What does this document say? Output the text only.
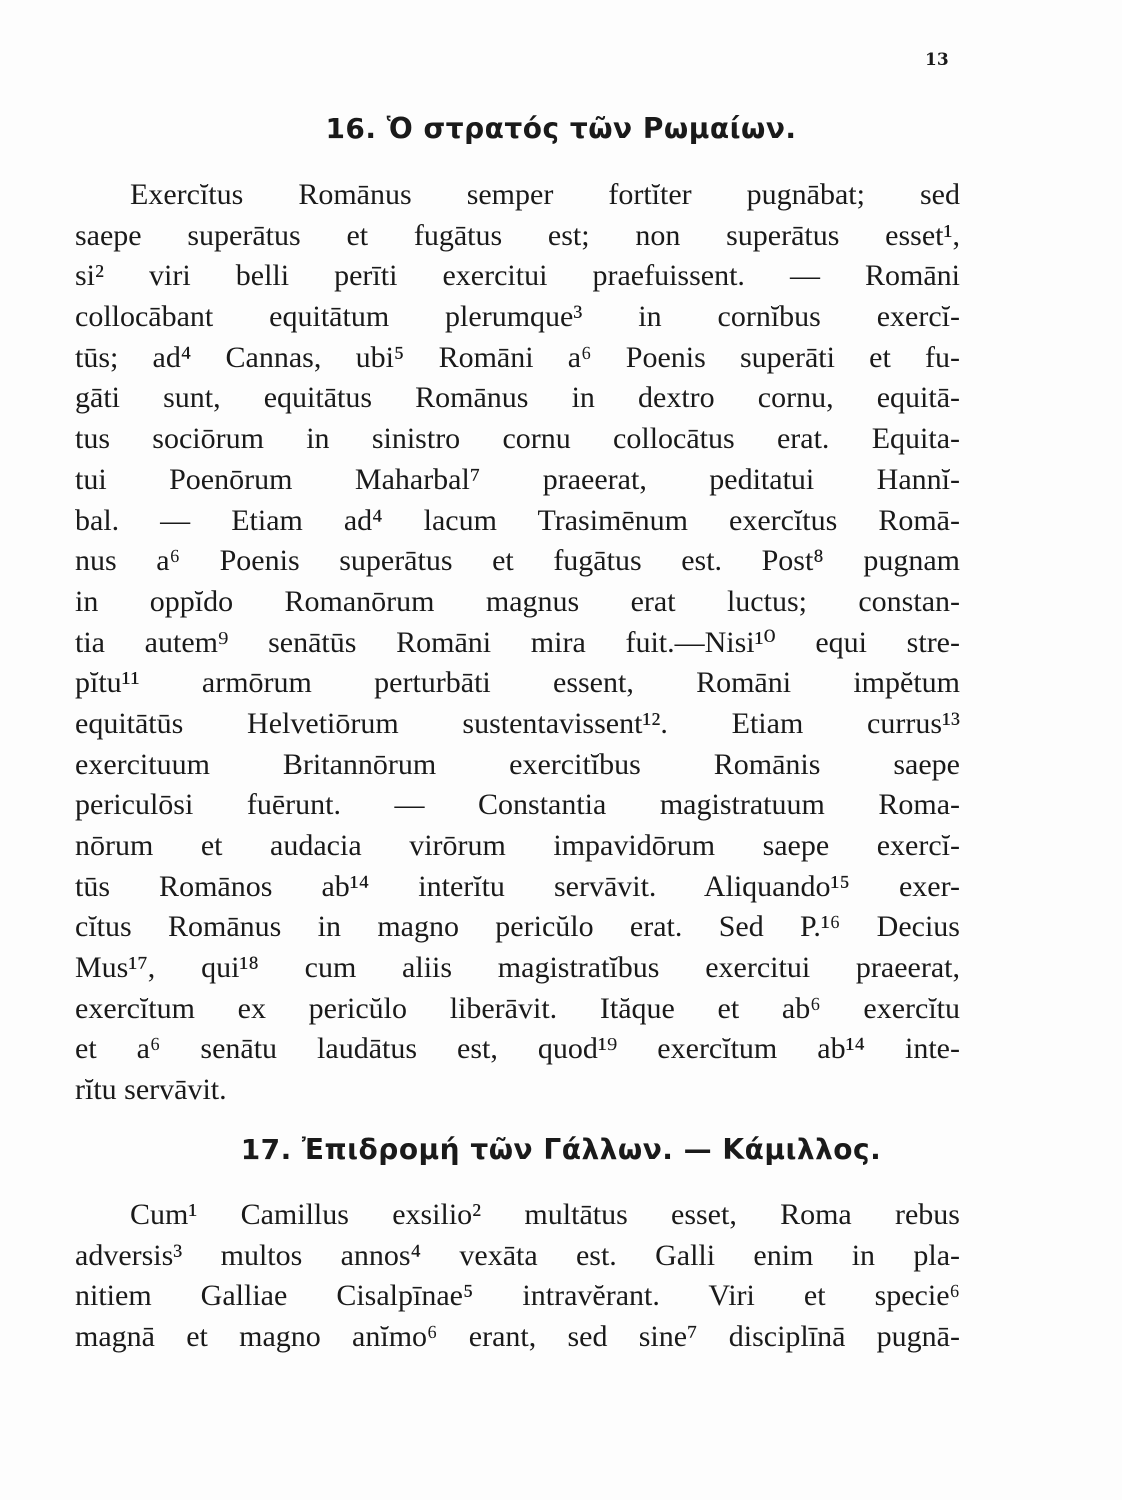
13
16. Ὁ στρατός τῶν Ρωμαίων.
Exercĭtus Romānus semper fortĭter pugnābat; sed
saepe superātus et fugātus est; non superātus esset¹,
si² viri belli perīti exercitui praefuissent. — Romāni
collocābant equitātum plerumque³ in cornĭbus exercĭ-
tūs; ad⁴ Cannas, ubi⁵ Romāni a⁶ Poenis superāti et fu-
gāti sunt, equitātus Romānus in dextro cornu, equitā-
tus sociōrum in sinistro cornu collocātus erat. Equita-
tui Poenōrum Maharbal⁷ praeerat, peditatui Hannĭ-
bal. — Etiam ad⁴ lacum Trasimēnum exercĭtus Romā-
nus a⁶ Poenis superātus et fugātus est. Post⁸ pugnam
in oppĭdo Romanōrum magnus erat luctus; constan-
tia autem⁹ senātūs Romāni mira fuit.—Nisi¹⁰ equi stre-
pĭtu¹¹ armōrum perturbāti essent, Romāni impĕtum
equitātūs Helvetiōrum sustentavissent¹². Etiam currus¹³
exercituum Britannōrum exercitĭbus Romānis saepe
periculōsi fuērunt. — Constantia magistratuum Roma-
nōrum et audacia virōrum impavidōrum saepe exercĭ-
tūs Romānos ab¹⁴ interĭtu servāvit. Aliquando¹⁵ exer-
cĭtus Romānus in magno pericŭlo erat. Sed P.¹⁶ Decius
Mus¹⁷, qui¹⁸ cum aliis magistratĭbus exercitui praeerat,
exercĭtum ex pericŭlo liberāvit. Ităque et ab⁶ exercĭtu
et a⁶ senātu laudātus est, quod¹⁹ exercĭtum ab¹⁴ inte-
rĭtu servāvit.
17. Ἐπιδρομή τῶν Γάλλων. — Κάμιλλος.
Cum¹ Camillus exsilio² multātus esset, Roma rebus
adversis³ multos annos⁴ vexāta est. Galli enim in pla-
nitiem Galliae Cisalpīnae⁵ intravĕrant. Viri et specie⁶
magnā et magno anĭmo⁶ erant, sed sine⁷ disciplīnā pugnā-
